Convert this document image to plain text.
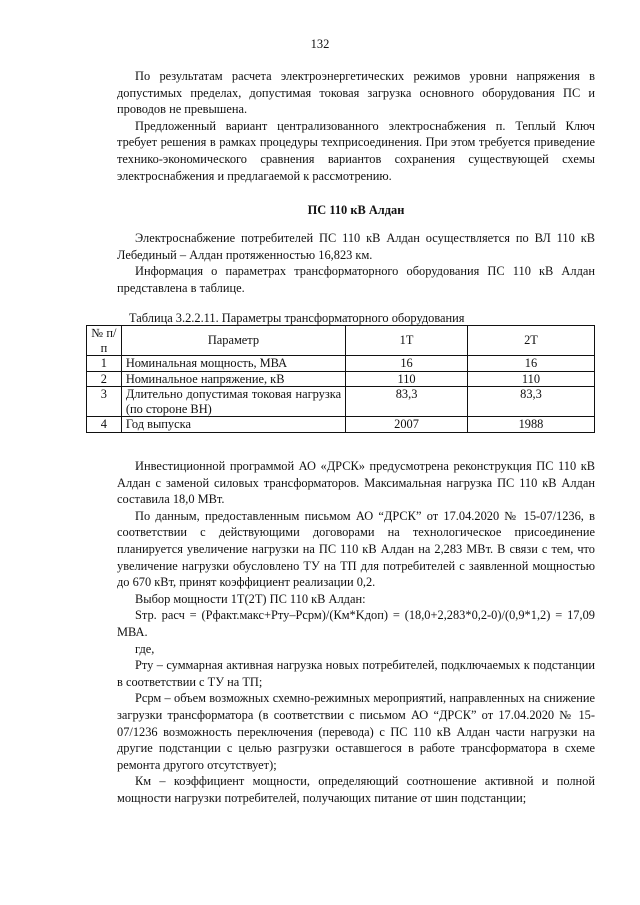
132

По результатам расчета электроэнергетических режимов уровни напряжения в допустимых пределах, допустимая токовая загрузка основного оборудования ПС и проводов не превышена.

Предложенный вариант централизованного электроснабжения п. Теплый Ключ требует решения в рамках процедуры техприсоединения. При этом требуется приведение технико-экономического сравнения вариантов сохранения существующей схемы электроснабжения и предлагаемой к рассмотрению.

ПС 110 кВ Алдан

Электроснабжение потребителей ПС 110 кВ Алдан осуществляется по ВЛ 110 кВ Лебединый – Алдан протяженностью 16,823 км.

Информация о параметрах трансформаторного оборудования ПС 110 кВ Алдан представлена в таблице.

Таблица 3.2.2.11. Параметры трансформаторного оборудования
№ п/п	Параметр	1Т	2Т
1	Номинальная мощность, МВА	16	16
2	Номинальное напряжение, кВ	110	110
3	Длительно допустимая токовая нагрузка (по стороне ВН)	83,3	83,3
4	Год выпуска	2007	1988

Инвестиционной программой АО «ДРСК» предусмотрена реконструкция ПС 110 кВ Алдан с заменой силовых трансформаторов. Максимальная нагрузка ПС 110 кВ Алдан составила 18,0 МВт.

По данным, предоставленным письмом АО “ДРСК” от 17.04.2020 № 15-07/1236, в соответствии с действующими договорами на технологическое присоединение планируется увеличение нагрузки на ПС 110 кВ Алдан на 2,283 МВт. В связи с тем, что увеличение нагрузки обусловлено ТУ на ТП для потребителей с заявленной мощностью до 670 кВт, принят коэффициент реализации 0,2.

Выбор мощности 1Т(2Т) ПС 110 кВ Алдан:

Sтр. расч = (Pфакт.макс+Pту–Pсрм)/(Км*Kдоп) = (18,0+2,283*0,2-0)/(0,9*1,2) = 17,09 МВА.

где,

Pту – суммарная активная нагрузка новых потребителей, подключаемых к подстанции в соответствии с ТУ на ТП;

Pсрм – объем возможных схемно-режимных мероприятий, направленных на снижение загрузки трансформатора (в соответствии с письмом АО “ДРСК” от 17.04.2020 № 15-07/1236 возможность переключения (перевода) с ПС 110 кВ Алдан части нагрузки на другие подстанции с целью разгрузки оставшегося в работе трансформатора в схеме ремонта другого отсутствует);

Км – коэффициент мощности, определяющий соотношение активной и полной мощности нагрузки потребителей, получающих питание от шин подстанции;
